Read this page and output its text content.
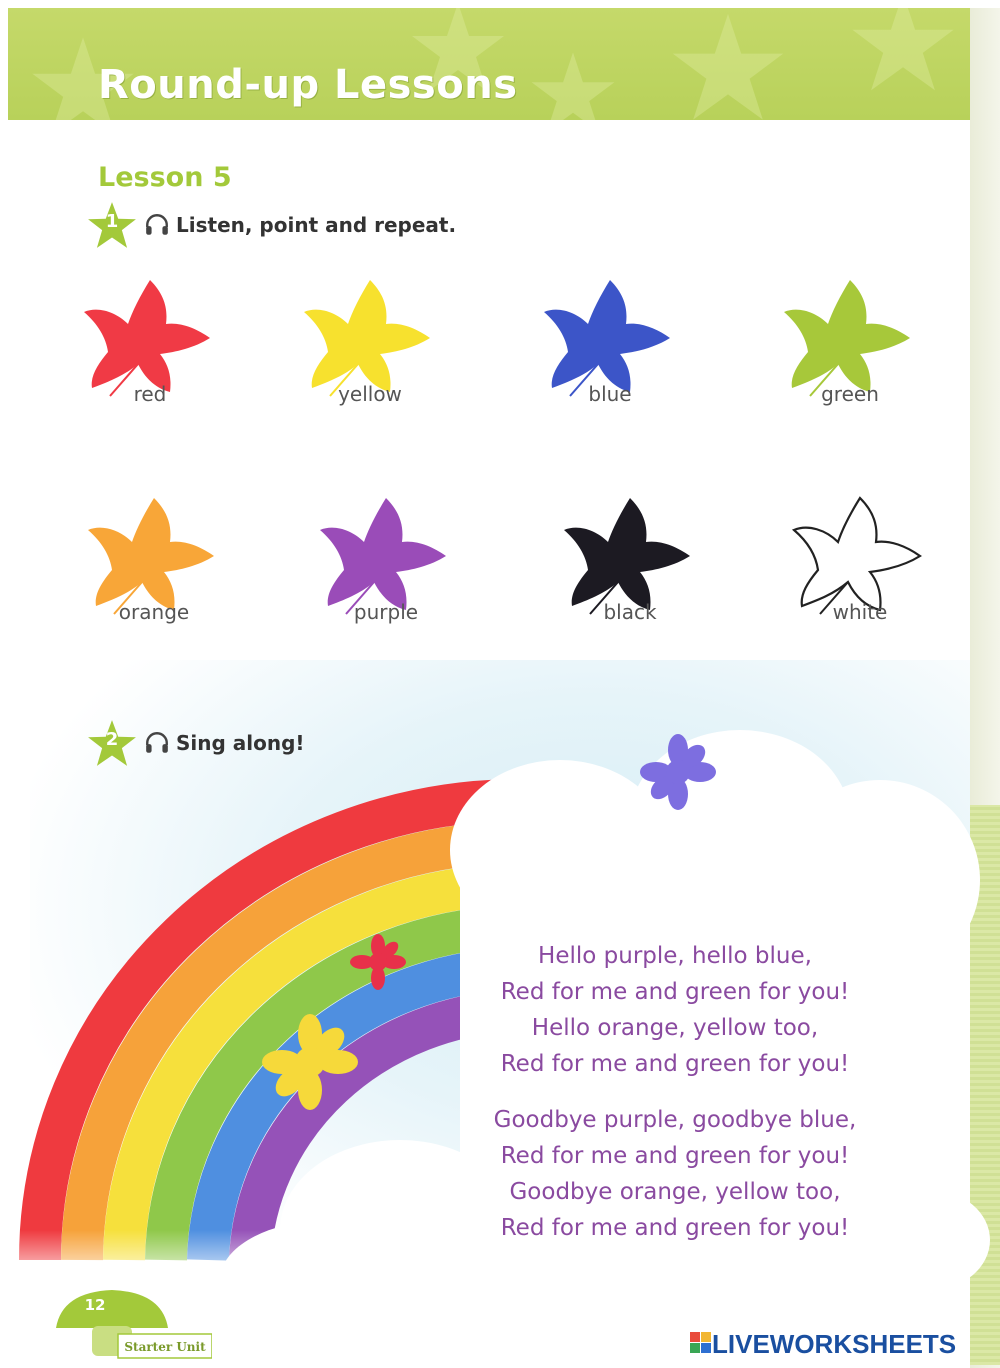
Round-up Lessons
Lesson 5
1	Listen, point and repeat.
red	yellow	blue	green
orange	purple	black	white
2	Sing along!
Hello purple, hello blue,
Red for me and green for you!
Hello orange, yellow too,
Red for me and green for you!
Goodbye purple, goodbye blue,
Red for me and green for you!
Goodbye orange, yellow too,
Red for me and green for you!
12
Starter Unit	LIVEWORKSHEETS
